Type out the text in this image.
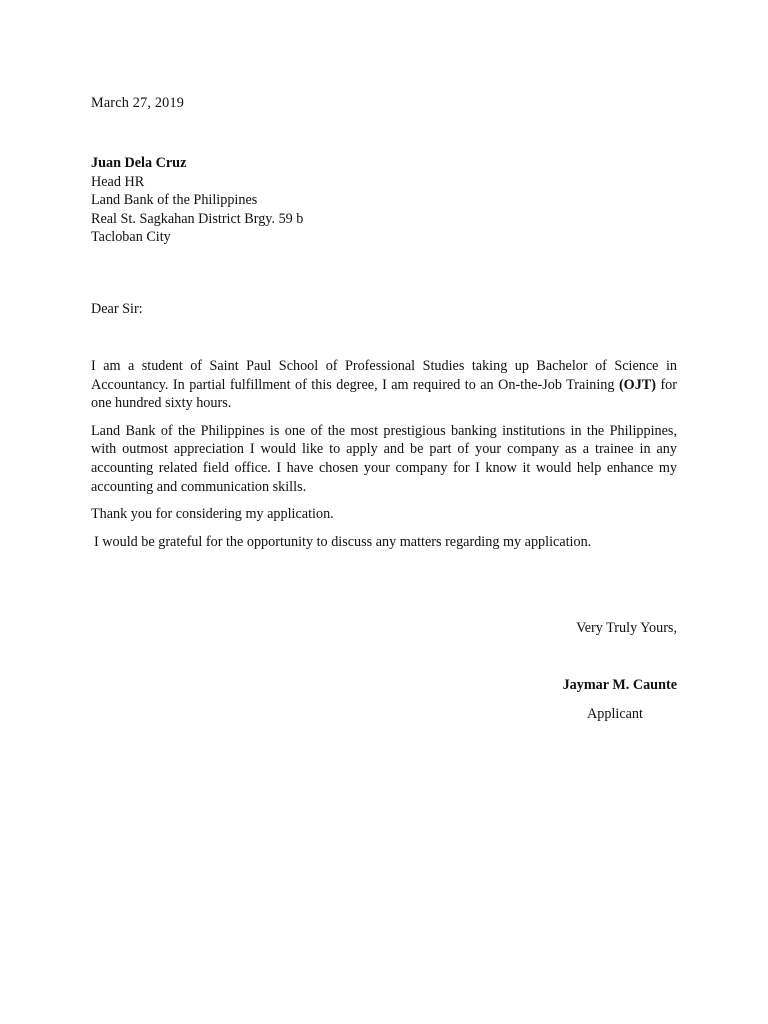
March 27, 2019
Juan Dela Cruz
Head HR
Land Bank of the Philippines
Real St. Sagkahan District Brgy. 59 b
Tacloban City
Dear Sir:

I am a student of Saint Paul School of Professional Studies taking up Bachelor of Science in Accountancy. In partial fulfillment of this degree, I am required to an On-the-Job Training (OJT) for one hundred sixty hours.

Land Bank of the Philippines is one of the most prestigious banking institutions in the Philippines, with outmost appreciation I would like to apply and be part of your company as a trainee in any accounting related field office. I have chosen your company for I know it would help enhance my accounting and communication skills.

Thank you for considering my application.

I would be grateful for the opportunity to discuss any matters regarding my application.

Very Truly Yours,
Jaymar M. Caunte
Applicant
